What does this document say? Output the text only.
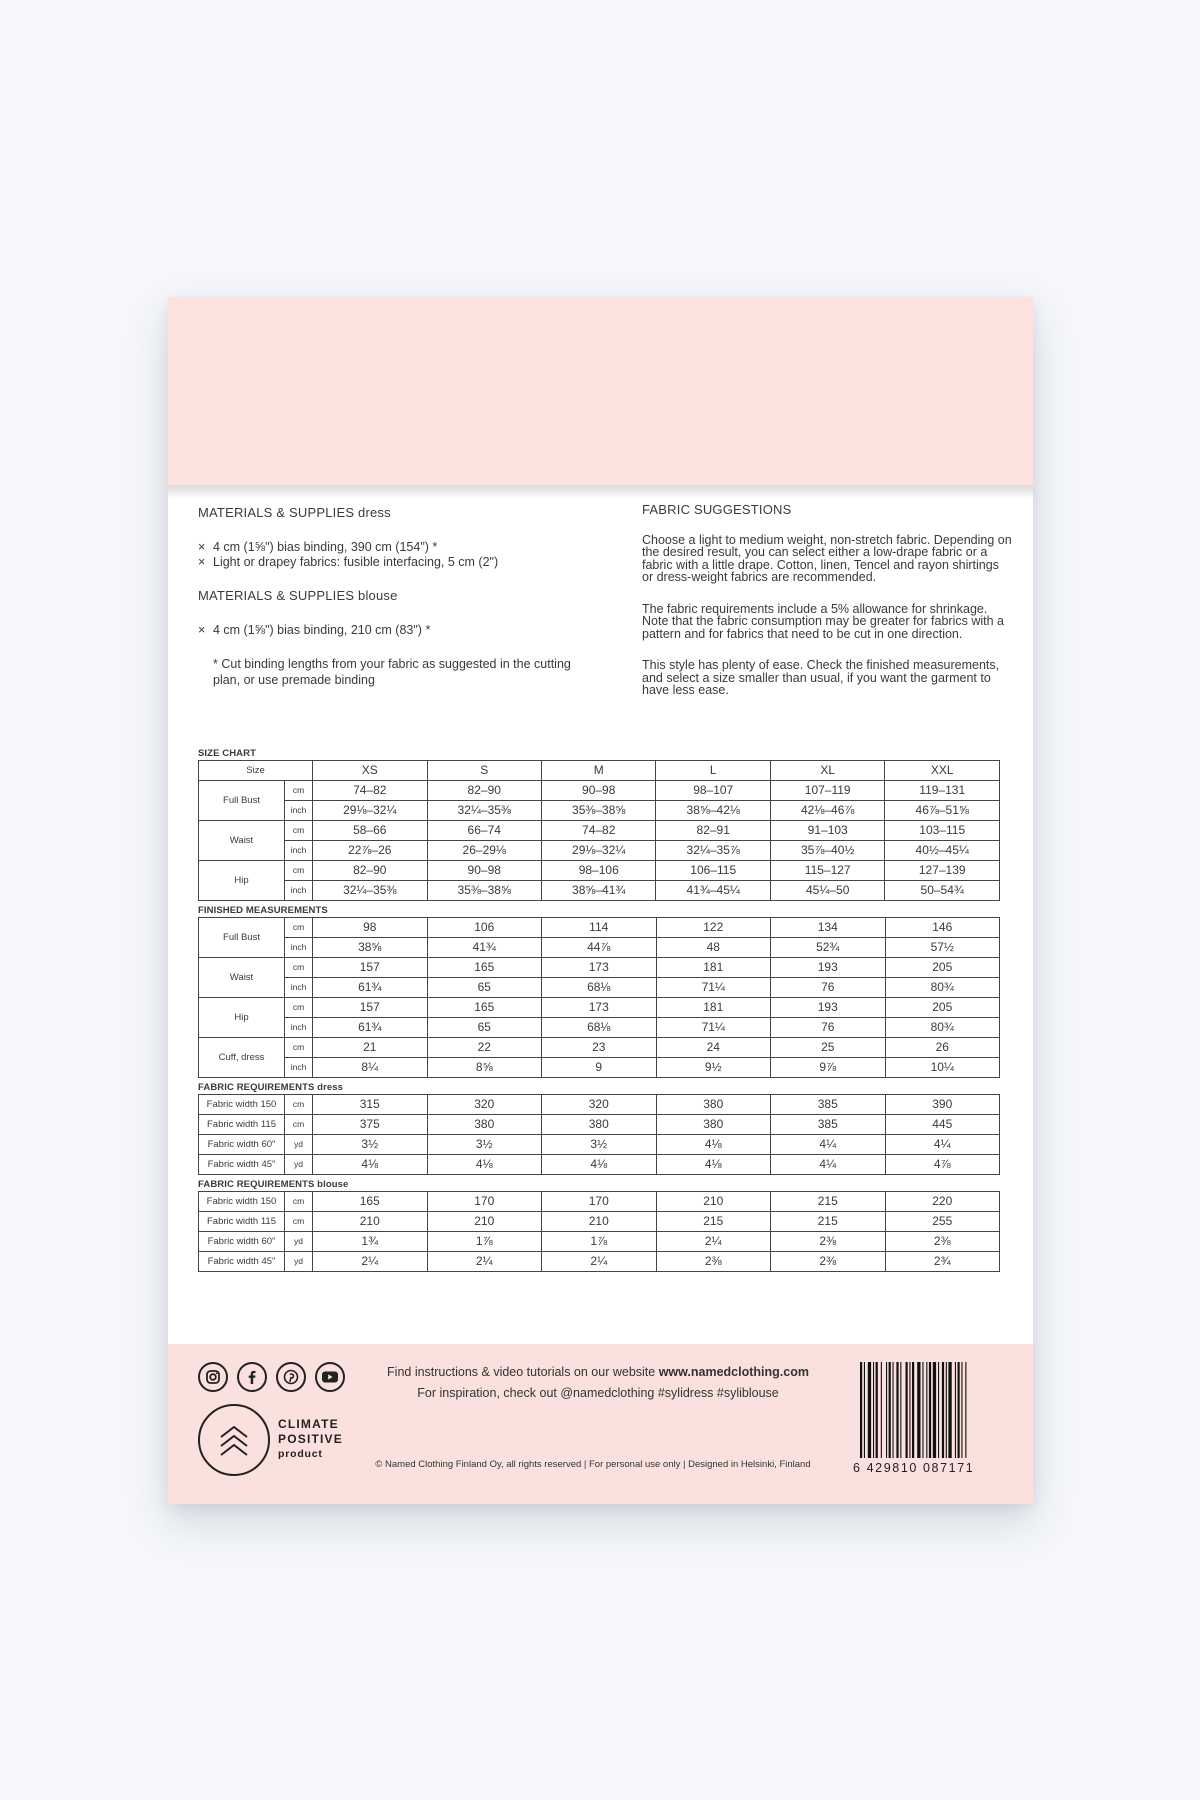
MATERIALS & SUPPLIES dress
× 4 cm (1⅝") bias binding, 390 cm (154") *
× Light or drapey fabrics: fusible interfacing, 5 cm (2")
MATERIALS & SUPPLIES blouse
× 4 cm (1⅝") bias binding, 210 cm (83") *

* Cut binding lengths from your fabric as suggested in the cutting plan, or use premade binding

FABRIC SUGGESTIONS

Choose a light to medium weight, non-stretch fabric. Depending on the desired result, you can select either a low-drape fabric or a fabric with a little drape. Cotton, linen, Tencel and rayon shirtings or dress-weight fabrics are recommended.

The fabric requirements include a 5% allowance for shrinkage. Note that the fabric consumption may be greater for fabrics with a pattern and for fabrics that need to be cut in one direction.

This style has plenty of ease. Check the finished measurements, and select a size smaller than usual, if you want the garment to have less ease.

SIZE CHART

Size		XS	S	M	L	XL	XXL
Full Bust	cm	74–82	82–90	90–98	98–107	107–119	119–131
	inch	29⅛–32¼	32¼–35⅜	35⅜–38⅝	38⅝–42⅛	42⅛–46⅞	46⅞–51⅝
Waist	cm	58–66	66–74	74–82	82–91	91–103	103–115
	inch	22⅞–26	26–29⅛	29⅛–32¼	32¼–35⅞	35⅞–40½	40½–45¼
Hip	cm	82–90	90–98	98–106	106–115	115–127	127–139
	inch	32¼–35⅜	35⅜–38⅝	38⅝–41¾	41¾–45¼	45¼–50	50–54¾

FINISHED MEASUREMENTS

Full Bust	cm	98	106	114	122	134	146
	inch	38⅝	41¾	44⅞	48	52¾	57½
Waist	cm	157	165	173	181	193	205
	inch	61¾	65	68⅛	71¼	76	80¾
Hip	cm	157	165	173	181	193	205
	inch	61¾	65	68⅛	71¼	76	80¾
Cuff, dress	cm	21	22	23	24	25	26
	inch	8¼	8⅝	9	9½	9⅞	10¼

FABRIC REQUIREMENTS dress

Fabric width 150	cm	315	320	320	380	385	390
Fabric width 115	cm	375	380	380	380	385	445
Fabric width 60"	yd	3½	3½	3½	4⅛	4¼	4¼
Fabric width 45"	yd	4⅛	4⅛	4⅛	4⅛	4¼	4⅞

FABRIC REQUIREMENTS blouse

Fabric width 150	cm	165	170	170	210	215	220
Fabric width 115	cm	210	210	210	215	215	255
Fabric width 60"	yd	1¾	1⅞	1⅞	2¼	2⅜	2⅜
Fabric width 45"	yd	2¼	2¼	2¼	2⅜	2⅜	2¾
CLIMATE
POSITIVE
product
Find instructions & video tutorials on our website www.namedclothing.com
For inspiration, check out @namedclothing #sylidress #syliblouse
© Named Clothing Finland Oy, all rights reserved | For personal use only | Designed in Helsinki, Finland	6 429810 087171
